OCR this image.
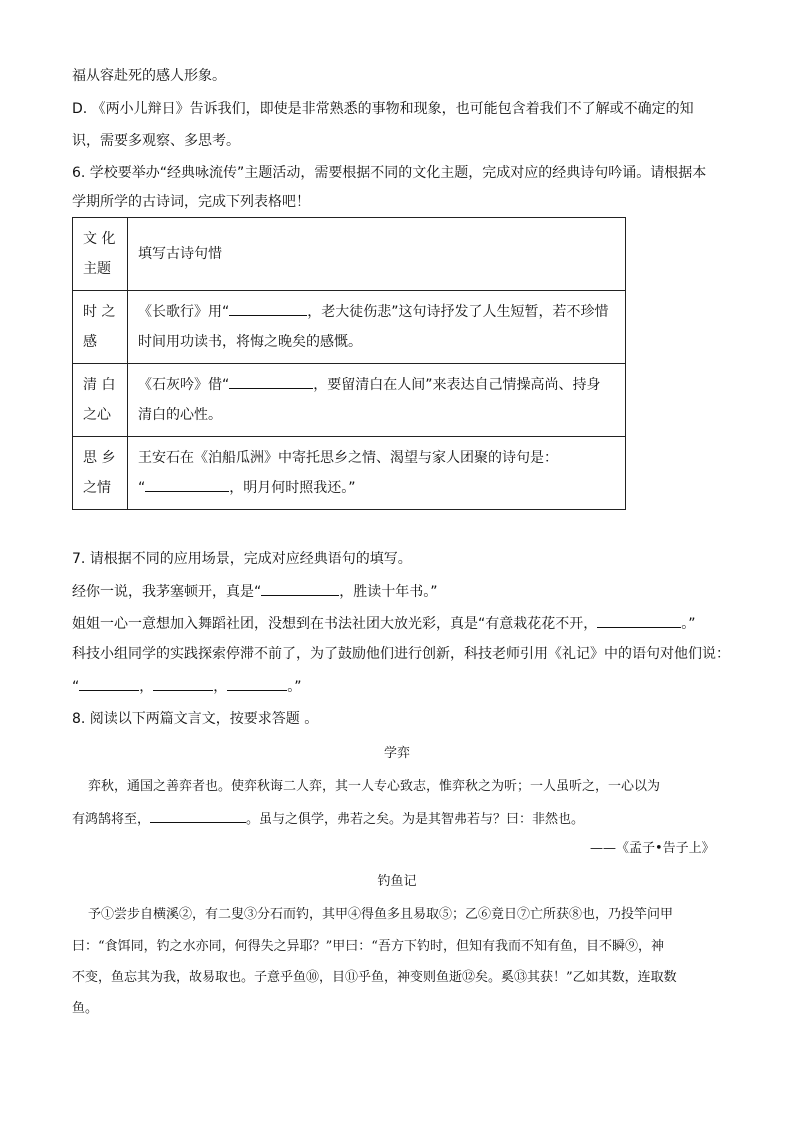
福从容赴死的感人形象。
D. 《两小儿辩日》告诉我们，即使是非常熟悉的事物和现象，也可能包含着我们不了解或不确定的知
识，需要多观察、多思考。
6. 学校要举办“经典咏流传”主题活动，需要根据不同的文化主题，完成对应的经典诗句吟诵。请根据本
学期所学的古诗词，完成下列表格吧！
文 化
主题	填写古诗句惜
时 之
感	《长歌行》用“ ，老大徒伤悲”这句诗抒发了人生短暂，若不珍惜
时间用功读书，将悔之晚矣的感慨。
清 白
之心	《石灰吟》借“ ，要留清白在人间”来表达自己情操高尚、持身
清白的心性。
思 乡
之情	王安石在《泊船瓜洲》中寄托思乡之情、渴望与家人团聚的诗句是：
“ ，明月何时照我还。”
7. 请根据不同的应用场景，完成对应经典语句的填写。
经你一说，我茅塞顿开，真是“	，胜读十年书。”
姐姐一心一意想加入舞蹈社团，没想到在书法社团大放光彩，真是“有意栽花花不开，	。”
科技小组同学的实践探索停滞不前了，为了鼓励他们进行创新，科技老师引用《礼记》中的语句对他们说：
“	，	，	。”
8. 阅读以下两篇文言文，按要求答题 。
学弈
弈秋，通国之善弈者也。使弈秋诲二人弈，其一人专心致志，惟弈秋之为听；一人虽听之，一心以为
有鸿鹄将至，	。虽与之俱学，弗若之矣。为是其智弗若与？曰：非然也。
——《孟子•告子上》
钓鱼记
予①尝步自横溪②，有二叟③分石而钓，其甲④得鱼多且易取⑤；乙⑥竟日⑦亡所获⑧也，乃投竿问甲
曰：“食饵同，钓之水亦同，何得失之异耶？”甲曰：“吾方下钓时，但知有我而不知有鱼，目不瞬⑨，神
不变，鱼忘其为我，故易取也。子意乎鱼⑩，目⑪乎鱼，神变则鱼逝⑫矣。奚⑬其获！”乙如其数，连取数
鱼。
